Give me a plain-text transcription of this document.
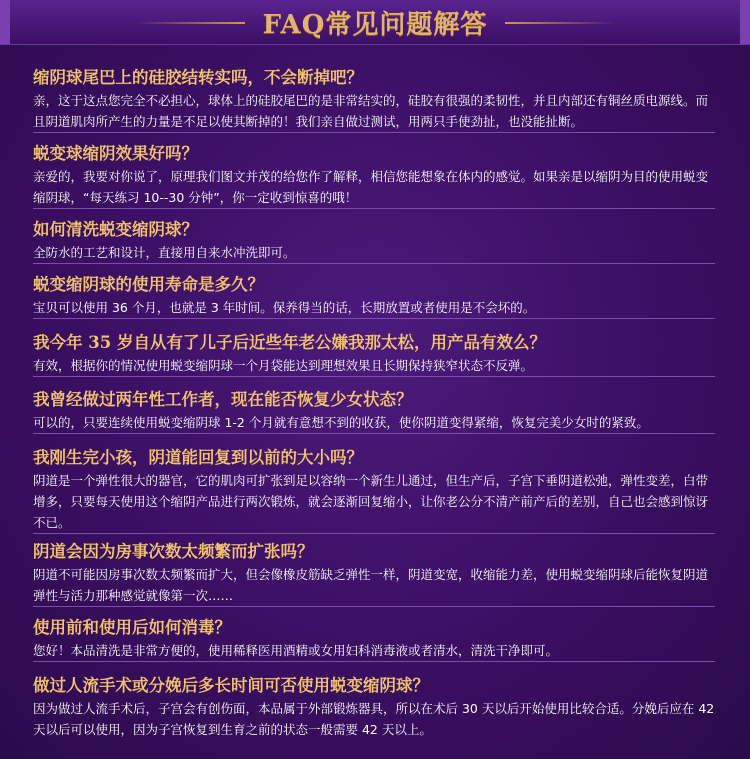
FAQ常见问题解答

缩阴球尾巴上的硅胶结转实吗，不会断掉吧？

亲，这于这点您完全不必担心，球体上的硅胶尾巴的是非常结实的，硅胶有很强的柔韧性，并且内部还有铜丝质电源线。而且阴道肌肉所产生的力量是不足以使其断掉的！我们亲自做过测试，用两只手使劲扯，也没能扯断。

蜕变球缩阴效果好吗？

亲爱的，我要对你说了，原理我们图文并茂的给您作了解释，相信您能想象在体内的感觉。如果亲是以缩阴为目的使用蜕变缩阴球，“每天练习 10--30 分钟”，你一定收到惊喜的哦！

如何清洗蜕变缩阴球？

全防水的工艺和设计，直接用自来水冲洗即可。

蜕变缩阴球的使用寿命是多久？

宝贝可以使用 36 个月，也就是 3 年时间。保养得当的话，长期放置或者使用是不会坏的。

我今年 35 岁自从有了儿子后近些年老公嫌我那太松，用产品有效么？

有效，根据你的情况使用蜕变缩阴球一个月袋能达到理想效果且长期保持狭窄状态不反弹。

我曾经做过两年性工作者，现在能否恢复少女状态？

可以的，只要连续使用蜕变缩阴球 1-2 个月就有意想不到的收获，使你阴道变得紧缩，恢复完美少女时的紧致。

我刚生完小孩，阴道能回复到以前的大小吗？

阴道是一个弹性很大的器官，它的肌肉可扩张到足以容纳一个新生儿通过，但生产后，子宫下垂阴道松弛，弹性变差，白带增多，只要每天使用这个缩阴产品进行两次锻炼，就会逐渐回复缩小，让你老公分不清产前产后的差别，自己也会感到惊讶不已。

阴道会因为房事次数太频繁而扩张吗？

阴道不可能因房事次数太频繁而扩大，但会像橡皮筋缺乏弹性一样，阴道变宽，收缩能力差，使用蜕变缩阴球后能恢复阴道弹性与活力那种感觉就像第一次……

使用前和使用后如何消毒？

您好！本品清洗是非常方便的，使用稀释医用酒精或女用妇科消毒液或者清水，清洗干净即可。

做过人流手术或分娩后多长时间可否使用蜕变缩阴球？

因为做过人流手术后，子宫会有创伤面，本品属于外部锻炼器具，所以在术后 30 天以后开始使用比较合适。分娩后应在 42 天以后可以使用，因为子宫恢复到生育之前的状态一般需要 42 天以上。
